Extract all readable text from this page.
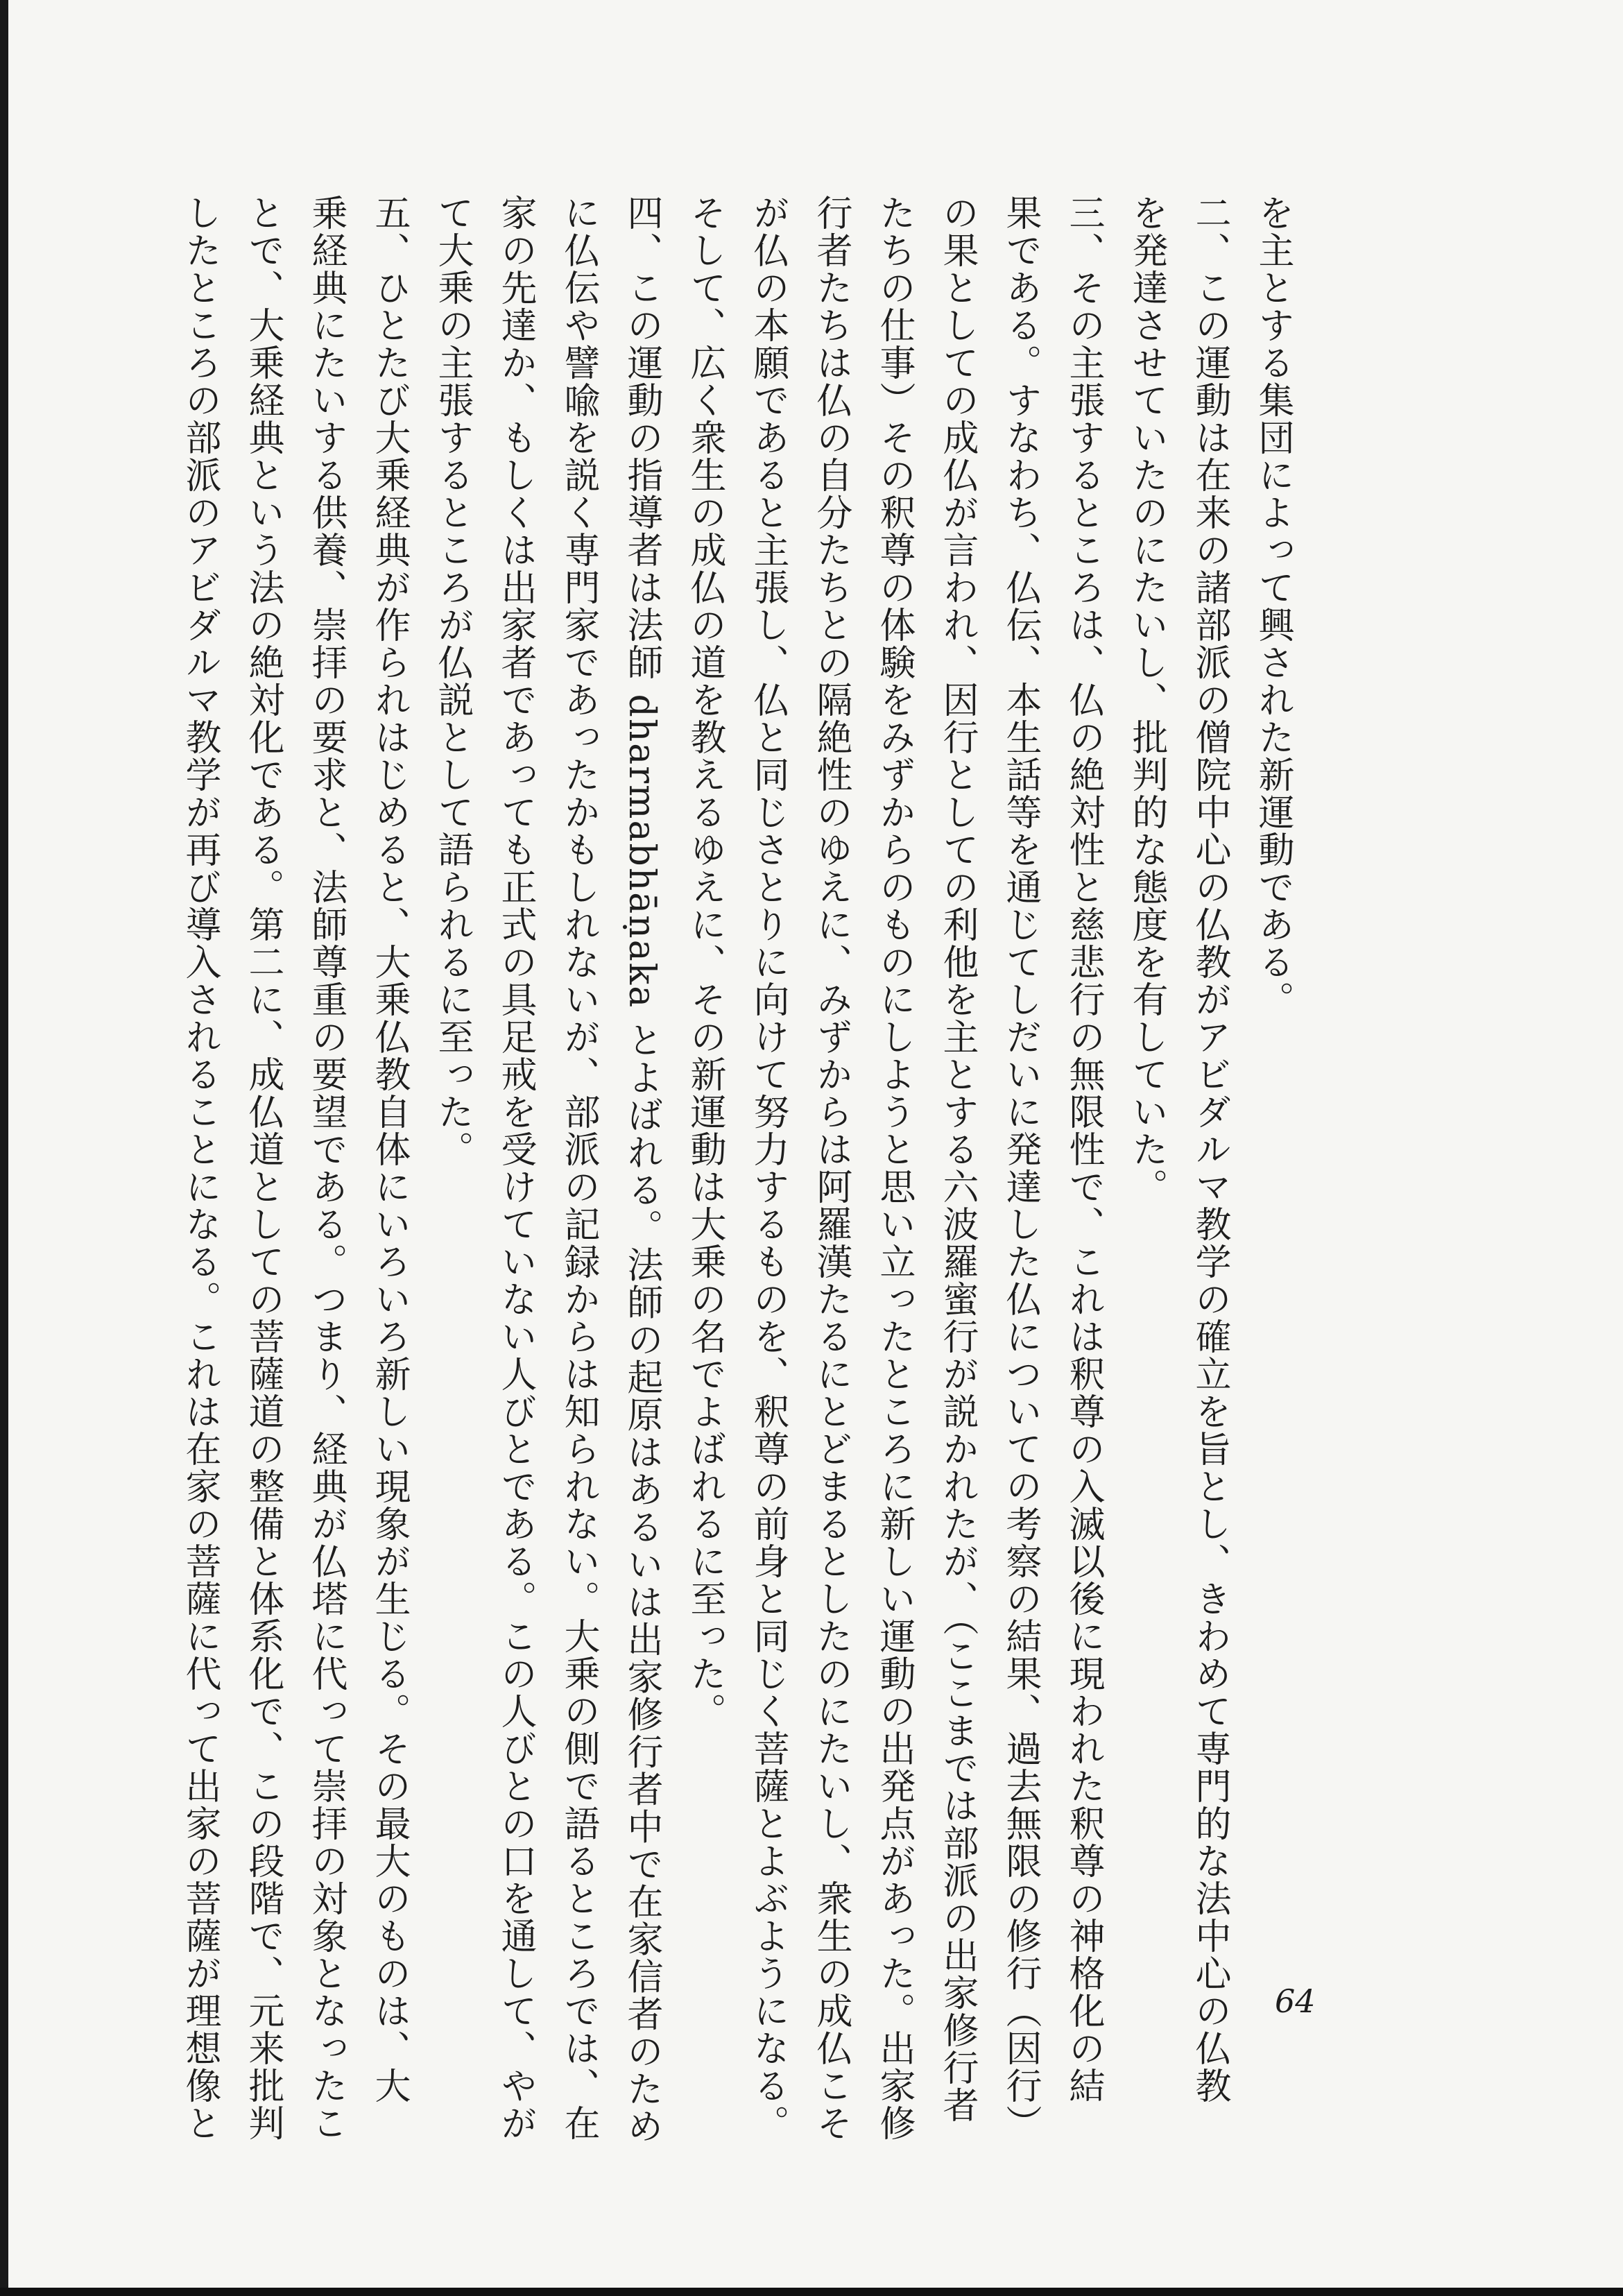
を主とする集団によって興された新運動である。
二、この運動は在来の諸部派の僧院中心の仏教がアビダルマ教学の確立を旨とし、きわめて専門的な法中心の仏教
を発達させていたのにたいし、批判的な態度を有していた。
三、その主張するところは、仏の絶対性と慈悲行の無限性で、これは釈尊の入滅以後に現われた釈尊の神格化の結
果である。すなわち、仏伝、本生話等を通じてしだいに発達した仏についての考察の結果、過去無限の修行（因行）
の果としての成仏が言われ、因行としての利他を主とする六波羅蜜行が説かれたが、（ここまでは部派の出家修行者
たちの仕事）その釈尊の体験をみずからのものにしようと思い立ったところに新しい運動の出発点があった。出家修
行者たちは仏の自分たちとの隔絶性のゆえに、みずからは阿羅漢たるにとどまるとしたのにたいし、衆生の成仏こそ
が仏の本願であると主張し、仏と同じさとりに向けて努力するものを、釈尊の前身と同じく菩薩とよぶようになる。
そして、広く衆生の成仏の道を教えるゆえに、その新運動は大乗の名でよばれるに至った。
四、この運動の指導者は法師 dharmabhāṇaka とよばれる。法師の起原はあるいは出家修行者中で在家信者のため
に仏伝や譬喩を説く専門家であったかもしれないが、部派の記録からは知られない。大乗の側で語るところでは、在
家の先達か、もしくは出家者であっても正式の具足戒を受けていない人びとである。この人びとの口を通して、やが
て大乗の主張するところが仏説として語られるに至った。
五、ひとたび大乗経典が作られはじめると、大乗仏教自体にいろいろ新しい現象が生じる。その最大のものは、大
乗経典にたいする供養、崇拝の要求と、法師尊重の要望である。つまり、経典が仏塔に代って崇拝の対象となったこ
とで、大乗経典という法の絶対化である。第二に、成仏道としての菩薩道の整備と体系化で、この段階で、元来批判
したところの部派のアビダルマ教学が再び導入されることになる。これは在家の菩薩に代って出家の菩薩が理想像と	64
